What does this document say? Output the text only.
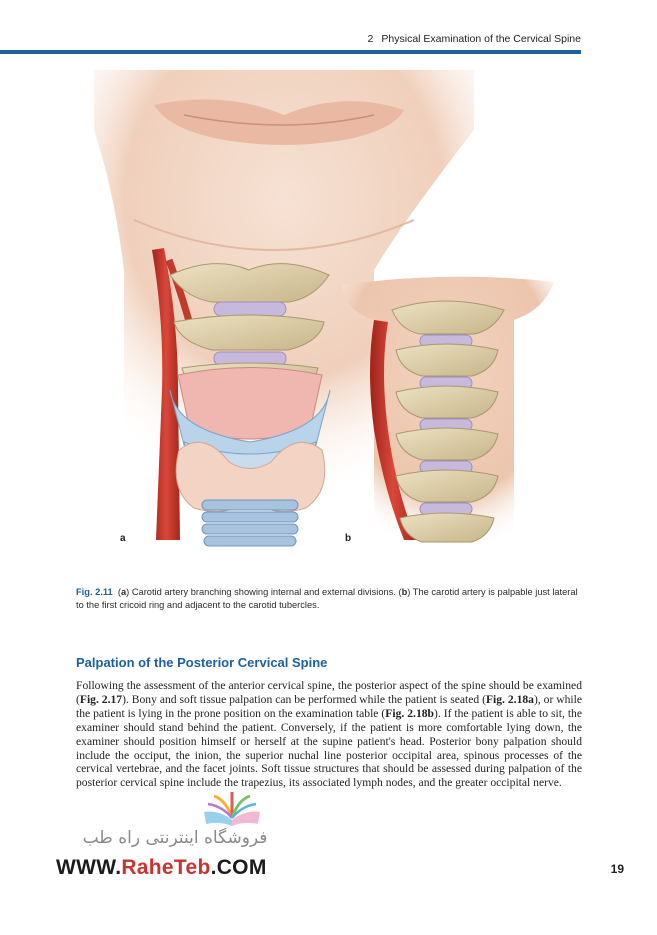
2 Physical Examination of the Cervical Spine
a	b
Fig. 2.11  (a) Carotid artery branching showing internal and external divisions. (b) The carotid artery is palpable just lateral to the first cricoid ring and adjacent to the carotid tubercles.
Palpation of the Posterior Cervical Spine

Following the assessment of the anterior cervical spine, the posterior aspect of the spine should be examined (Fig. 2.17). Bony and soft tissue palpation can be performed while the patient is seated (Fig. 2.18a), or while the patient is lying in the prone position on the examination table (Fig. 2.18b). If the patient is able to sit, the examiner should stand behind the patient. Conversely, if the patient is more comfortable lying down, the examiner should position himself or herself at the supine patient's head. Posterior bony palpation should include the occiput, the inion, the superior nuchal line posterior occipital area, spinous processes of the cervical vertebrae, and the facet joints. Soft tissue structures that should be assessed during palpation of the posterior cervical spine include the trapezius, its associated lymph nodes, and the greater occipital nerve.

فروشگاه اینترنتی راه طب
WWW.RaheTeb.COM	19
